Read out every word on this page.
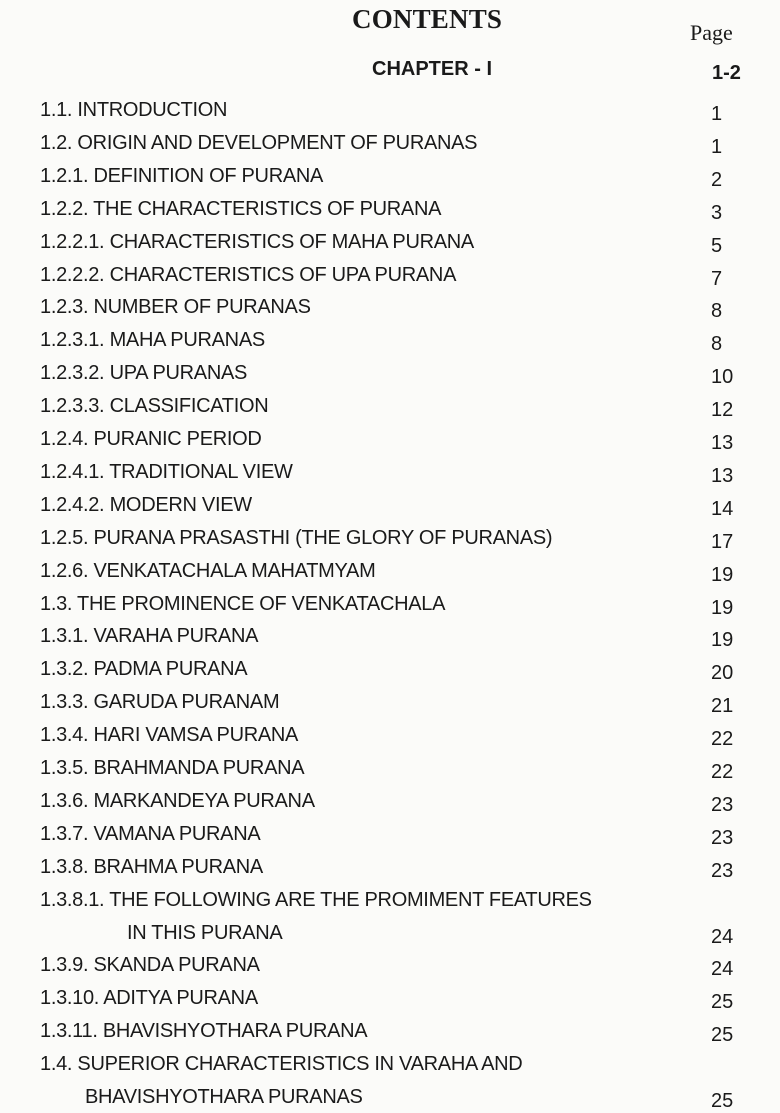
CONTENTS	Page
CHAPTER - I	1-2
1.1. INTRODUCTION	1
1.2. ORIGIN AND DEVELOPMENT OF PURANAS	1
1.2.1. DEFINITION OF PURANA	2
1.2.2. THE CHARACTERISTICS OF PURANA	3
1.2.2.1. CHARACTERISTICS OF MAHA PURANA	5
1.2.2.2. CHARACTERISTICS OF UPA PURANA	7
1.2.3. NUMBER OF PURANAS	8
1.2.3.1. MAHA PURANAS	8
1.2.3.2. UPA PURANAS	10
1.2.3.3. CLASSIFICATION	12
1.2.4. PURANIC PERIOD	13
1.2.4.1. TRADITIONAL VIEW	13
1.2.4.2. MODERN VIEW	14
1.2.5. PURANA PRASASTHI (THE GLORY OF PURANAS)	17
1.2.6. VENKATACHALA MAHATMYAM	19
1.3. THE PROMINENCE OF VENKATACHALA	19
1.3.1. VARAHA PURANA	19
1.3.2. PADMA PURANA	20
1.3.3. GARUDA PURANAM	21
1.3.4. HARI VAMSA PURANA	22
1.3.5. BRAHMANDA PURANA	22
1.3.6. MARKANDEYA PURANA	23
1.3.7. VAMANA PURANA	23
1.3.8. BRAHMA PURANA	23
1.3.8.1. THE FOLLOWING ARE THE PROMIMENT FEATURES
IN THIS PURANA	24
1.3.9. SKANDA PURANA	24
1.3.10. ADITYA PURANA	25
1.3.11. BHAVISHYOTHARA PURANA	25
1.4. SUPERIOR CHARACTERISTICS IN VARAHA AND
BHAVISHYOTHARA PURANAS	25
